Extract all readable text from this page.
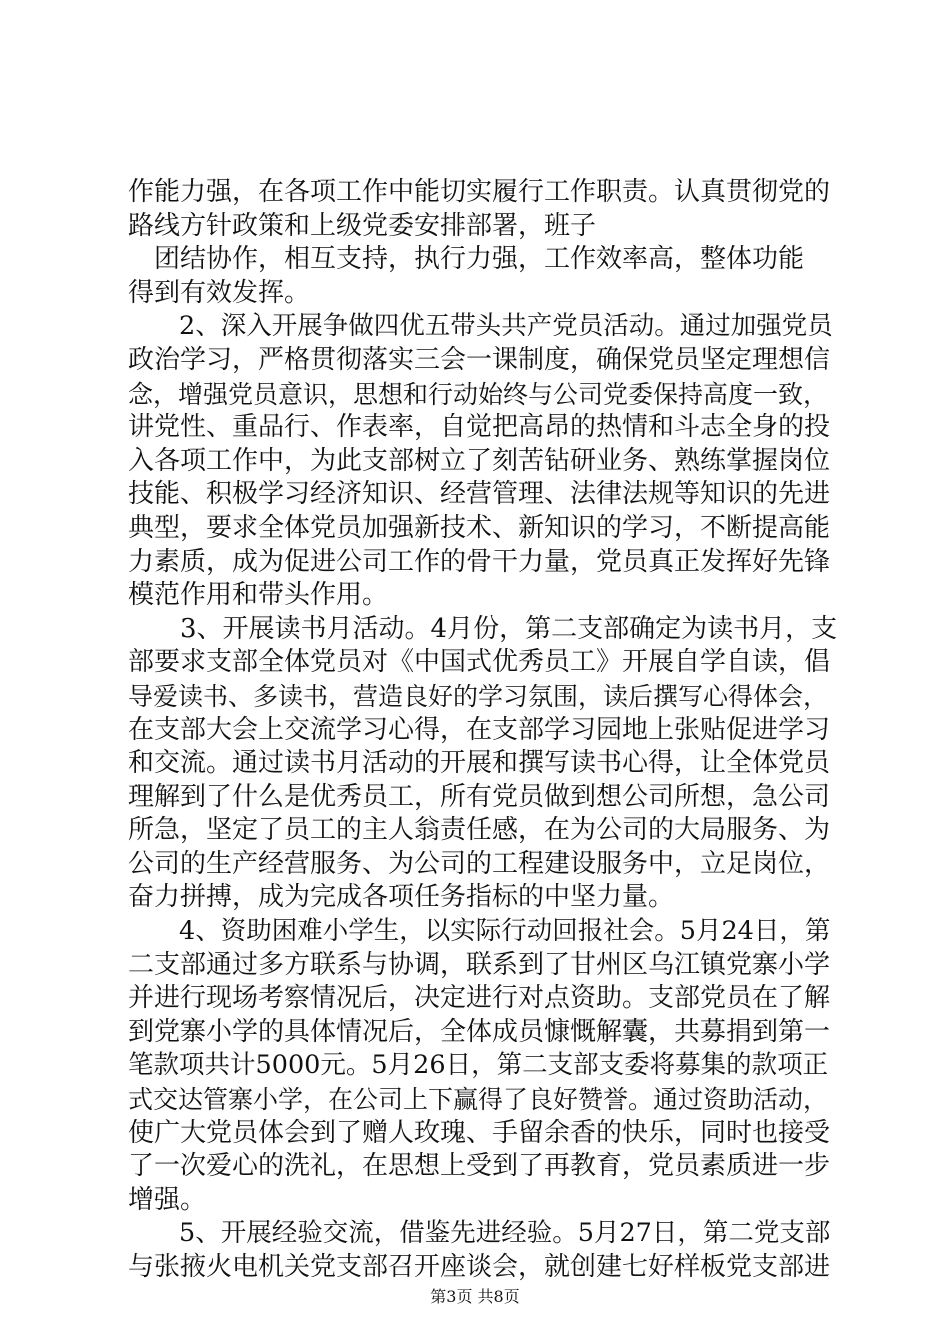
作能力强，在各项工作中能切实履行工作职责。认真贯彻党的
路线方针政策和上级党委安排部署，班子
　团结协作，相互支持，执行力强，工作效率高，整体功能
得到有效发挥。
　　2、深入开展争做四优五带头共产党员活动。通过加强党员
政治学习，严格贯彻落实三会一课制度，确保党员坚定理想信
念，增强党员意识，思想和行动始终与公司党委保持高度一致，
讲党性、重品行、作表率，自觉把高昂的热情和斗志全身的投
入各项工作中，为此支部树立了刻苦钻研业务、熟练掌握岗位
技能、积极学习经济知识、经营管理、法律法规等知识的先进
典型，要求全体党员加强新技术、新知识的学习，不断提高能
力素质，成为促进公司工作的骨干力量，党员真正发挥好先锋
模范作用和带头作用。
　　3、开展读书月活动。4月份，第二支部确定为读书月，支
部要求支部全体党员对《中国式优秀员工》开展自学自读，倡
导爱读书、多读书，营造良好的学习氛围，读后撰写心得体会，
在支部大会上交流学习心得，在支部学习园地上张贴促进学习
和交流。通过读书月活动的开展和撰写读书心得，让全体党员
理解到了什么是优秀员工，所有党员做到想公司所想，急公司
所急，坚定了员工的主人翁责任感，在为公司的大局服务、为
公司的生产经营服务、为公司的工程建设服务中，立足岗位，
奋力拼搏，成为完成各项任务指标的中坚力量。
　　4、资助困难小学生，以实际行动回报社会。5月24日，第
二支部通过多方联系与协调，联系到了甘州区乌江镇党寨小学
并进行现场考察情况后，决定进行对点资助。支部党员在了解
到党寨小学的具体情况后，全体成员慷慨解囊，共募捐到第一
笔款项共计5000元。5月26日，第二支部支委将募集的款项正
式交达管寨小学，在公司上下赢得了良好赞誉。通过资助活动，
使广大党员体会到了赠人玫瑰、手留余香的快乐，同时也接受
了一次爱心的洗礼，在思想上受到了再教育，党员素质进一步
增强。
　　5、开展经验交流，借鉴先进经验。5月27日，第二党支部
与张掖火电机关党支部召开座谈会，就创建七好样板党支部进
第3页 共8页
